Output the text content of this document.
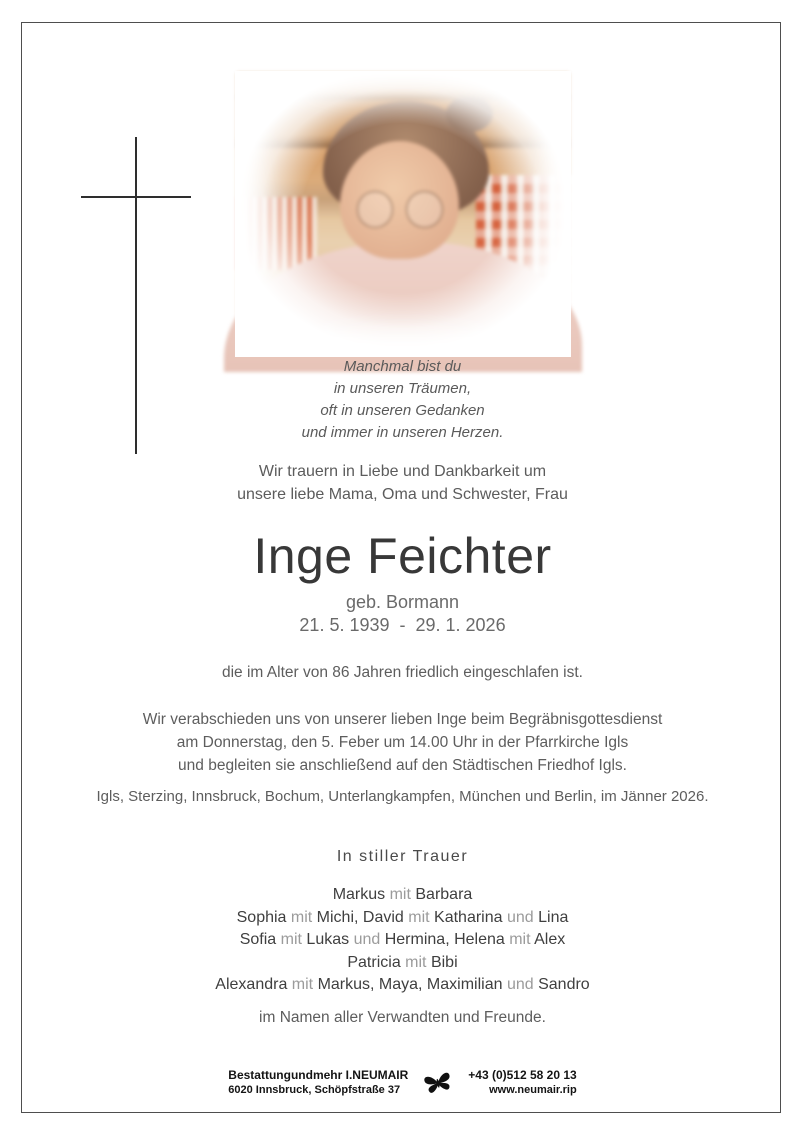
Manchmal bist du
in unseren Träumen,
oft in unseren Gedanken
und immer in unseren Herzen.
Wir trauern in Liebe und Dankbarkeit um
unsere liebe Mama, Oma und Schwester, Frau
Inge Feichter
geb. Bormann
21. 5. 1939  -  29. 1. 2026
die im Alter von 86 Jahren friedlich eingeschlafen ist.
Wir verabschieden uns von unserer lieben Inge beim Begräbnisgottesdienst
am Donnerstag, den 5. Feber um 14.00 Uhr in der Pfarrkirche Igls
und begleiten sie anschließend auf den Städtischen Friedhof Igls.
Igls, Sterzing, Innsbruck, Bochum, Unterlangkampfen, München und Berlin, im Jänner 2026.
In stiller Trauer
Markus mit Barbara
Sophia mit Michi, David mit Katharina und Lina
Sofia mit Lukas und Hermina, Helena mit Alex
Patricia mit Bibi
Alexandra mit Markus, Maya, Maximilian und Sandro
im Namen aller Verwandten und Freunde.
Bestattungundmehr I.NEUMAIR
6020 Innsbruck, Schöpfstraße 37
+43 (0)512 58 20 13
www.neumair.rip
